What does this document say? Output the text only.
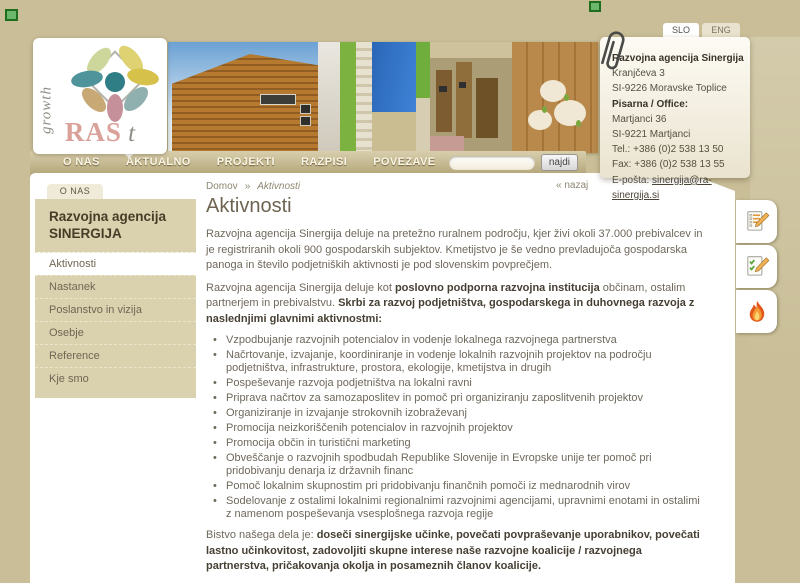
SLO	ENG
Razvojna agencija Sinergija
Kranjčeva 3
SI-9226 Moravske Toplice
Pisarna / Office:
Martjanci 36
SI-9221 Martjanci
Tel.: +386 (0)2 538 13 50
Fax: +386 (0)2 538 13 55
E-pošta: sinergija@ra-sinergija.si
growth RAS t
O NAS	AKTUALNO	PROJEKTI	RAZPISI	POVEZAVE	najdi
Domov » Aktivnosti	« nazaj
O NAS
Razvojna agencija SINERGIJA
Aktivnosti
Nastanek
Poslanstvo in vizija
Osebje
Reference
Kje smo
Aktivnosti

Razvojna agencija Sinergija deluje na pretežno ruralnem področju, kjer živi okoli 37.000 prebivalcev in je registriranih okoli 900 gospodarskih subjektov. Kmetijstvo je še vedno prevladujoča gospodarska panoga in število podjetniških aktivnosti je pod slovenskim povprečjem.

Razvojna agencija Sinergija deluje kot poslovno podporna razvojna institucija občinam, ostalim partnerjem in prebivalstvu. Skrbi za razvoj podjetništva, gospodarskega in duhovnega razvoja z naslednjimi glavnimi aktivnostmi:

• Vzpodbujanje razvojnih potencialov in vodenje lokalnega razvojnega partnerstva
• Načrtovanje, izvajanje, koordiniranje in vodenje lokalnih razvojnih projektov na področju podjetništva, infrastrukture, prostora, ekologije, kmetijstva in drugih
• Pospeševanje razvoja podjetništva na lokalni ravni
• Priprava načrtov za samozaposlitev in pomoč pri organiziranju zaposlitvenih projektov
• Organiziranje in izvajanje strokovnih izobraževanj
• Promocija neizkoriščenih potencialov in razvojnih projektov
• Promocija občin in turistični marketing
• Obveščanje o razvojnih spodbudah Republike Slovenije in Evropske unije ter pomoč pri pridobivanju denarja iz državnih financ
• Pomoč lokalnim skupnostim pri pridobivanju finančnih pomoči iz mednarodnih virov
• Sodelovanje z ostalimi lokalnimi regionalnimi razvojnimi agencijami, upravnimi enotami in ostalimi z namenom pospeševanja vsesplošnega razvoja regije

Bistvo našega dela je: doseči sinergijske učinke, povečati povpraševanje uporabnikov, povečati lastno učinkovitost, zadovoljiti skupne interese naše razvojne koalicije / razvojnega partnerstva, pričakovanja okolja in posameznih članov koalicije.
